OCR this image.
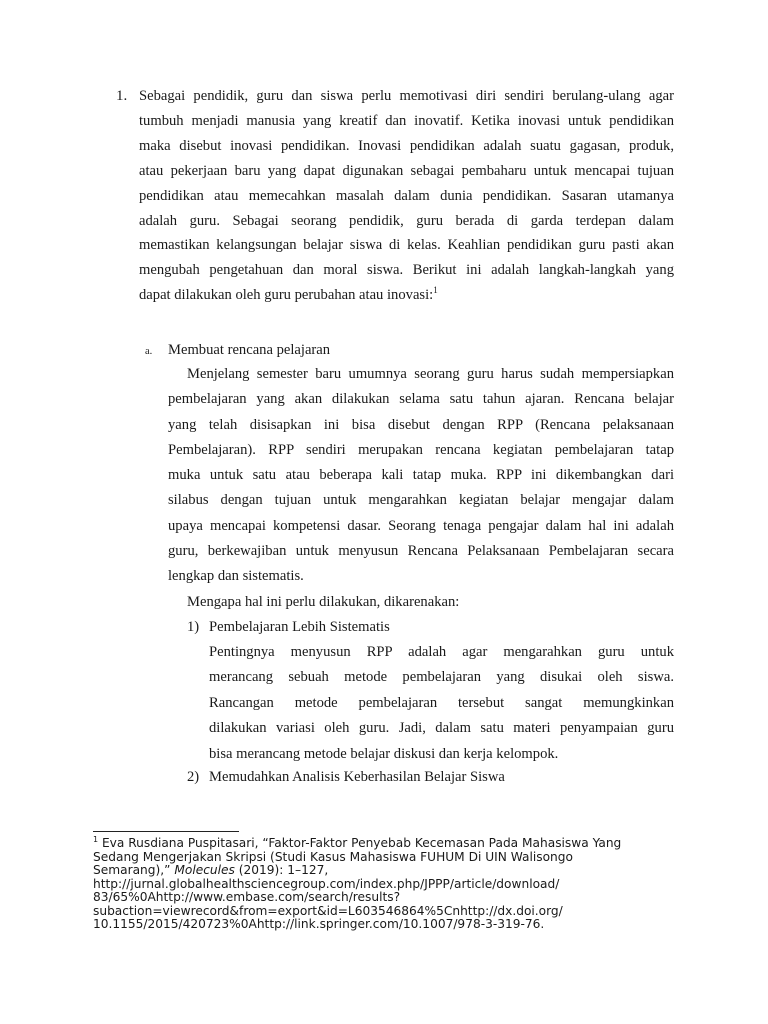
1. Sebagai pendidik, guru dan siswa perlu memotivasi diri sendiri berulang-ulang agar
tumbuh menjadi manusia yang kreatif dan inovatif. Ketika inovasi untuk pendidikan
maka disebut inovasi pendidikan. Inovasi pendidikan adalah suatu gagasan, produk,
atau pekerjaan baru yang dapat digunakan sebagai pembaharu untuk mencapai tujuan
pendidikan atau memecahkan masalah dalam dunia pendidikan. Sasaran utamanya
adalah guru. Sebagai seorang pendidik, guru berada di garda terdepan dalam
memastikan kelangsungan belajar siswa di kelas. Keahlian pendidikan guru pasti akan
mengubah pengetahuan dan moral siswa. Berikut ini adalah langkah-langkah yang
dapat dilakukan oleh guru perubahan atau inovasi:$^1$
a. Membuat rencana pelajaran
Menjelang semester baru umumnya seorang guru harus sudah mempersiapkan
pembelajaran yang akan dilakukan selama satu tahun ajaran. Rencana belajar
yang telah disisapkan ini bisa disebut dengan RPP (Rencana pelaksanaan
Pembelajaran). RPP sendiri merupakan rencana kegiatan pembelajaran tatap
muka untuk satu atau beberapa kali tatap muka. RPP ini dikembangkan dari
silabus dengan tujuan untuk mengarahkan kegiatan belajar mengajar dalam
upaya mencapai kompetensi dasar. Seorang tenaga pengajar dalam hal ini adalah
guru, berkewajiban untuk menyusun Rencana Pelaksanaan Pembelajaran secara
lengkap dan sistematis.
Mengapa hal ini perlu dilakukan, dikarenakan:
1) Pembelajaran Lebih Sistematis
Pentingnya menyusun RPP adalah agar mengarahkan guru untuk
merancang sebuah metode pembelajaran yang disukai oleh siswa.
Rancangan metode pembelajaran tersebut sangat memungkinkan
dilakukan variasi oleh guru. Jadi, dalam satu materi penyampaian guru
bisa merancang metode belajar diskusi dan kerja kelompok.
2) Memudahkan Analisis Keberhasilan Belajar Siswa
$^1$ Eva Rusdiana Puspitasari, “Faktor-Faktor Penyebab Kecemasan Pada Mahasiswa Yang
Sedang Mengerjakan Skripsi (Studi Kasus Mahasiswa FUHUM Di UIN Walisongo
Semarang),” Molecules (2019): 1–127,
http://jurnal.globalhealthsciencegroup.com/index.php/JPPP/article/download/
83/65%0Ahttp://www.embase.com/search/results?
subaction=viewrecord&from=export&id=L603546864%5Cnhttp://dx.doi.org/
10.1155/2015/420723%0Ahttp://link.springer.com/10.1007/978-3-319-76.
